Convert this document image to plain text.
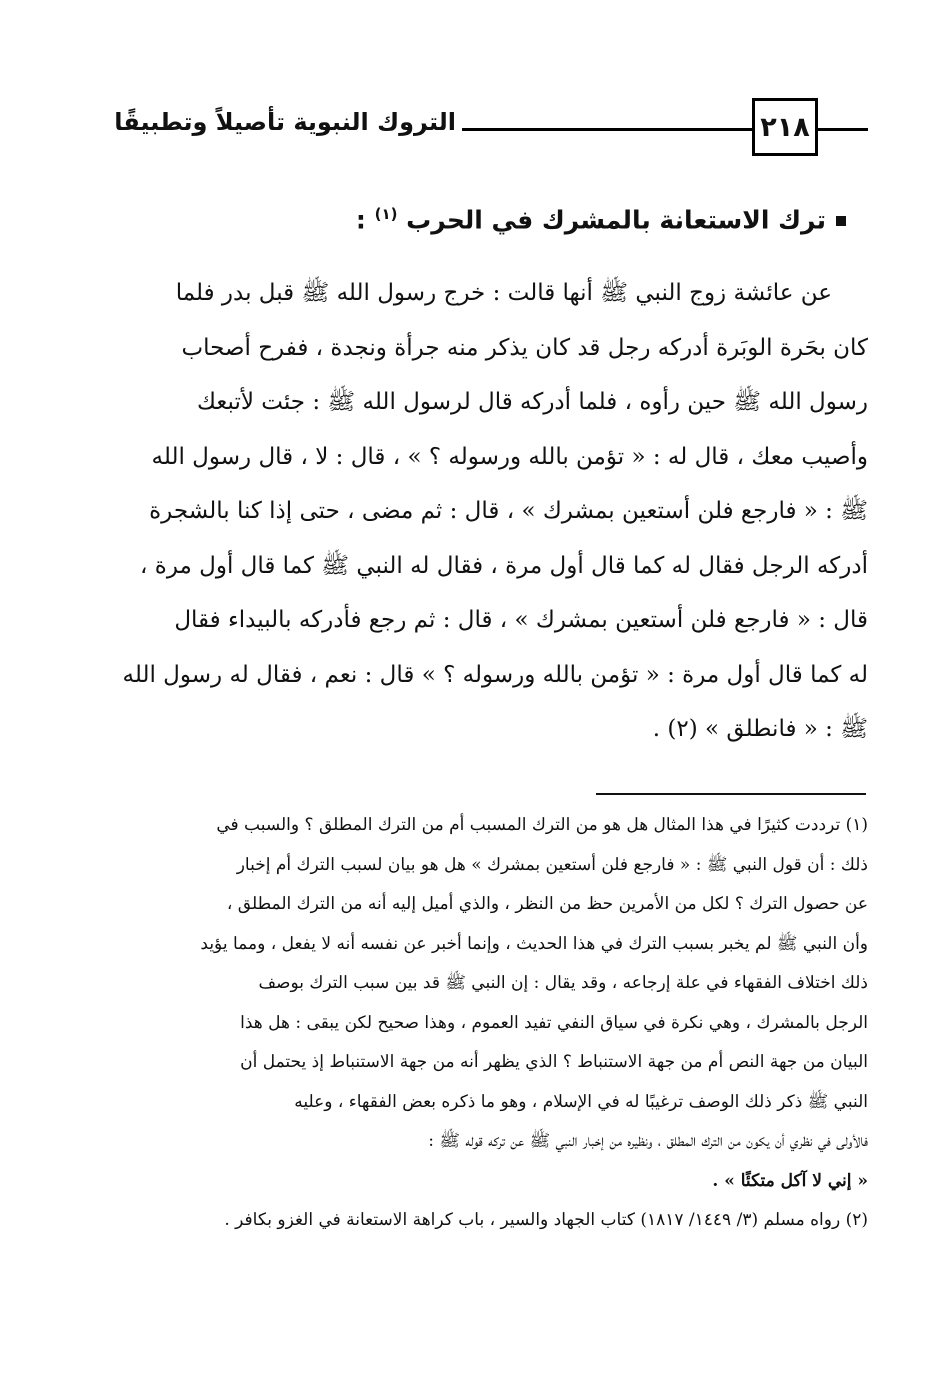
٢١٨
التروك النبوية تأصيلاً وتطبيقًا
ترك الاستعانة بالمشرك في الحرب $^{(١)}$ :
عن عائشة زوج النبي ﷺ أنها قالت : خرج رسول الله ﷺ قبل بدر فلما
كان بحَرة الوبَرة أدركه رجل قد كان يذكر منه جرأة ونجدة ، ففرح أصحاب
رسول الله ﷺ حين رأوه ، فلما أدركه قال لرسول الله ﷺ : جئت لأتبعك
وأصيب معك ، قال له : « تؤمن بالله ورسوله ؟ » ، قال : لا ، قال رسول الله
ﷺ : « فارجع فلن أستعين بمشرك » ، قال : ثم مضى ، حتى إذا كنا بالشجرة
أدركه الرجل فقال له كما قال أول مرة ، فقال له النبي ﷺ كما قال أول مرة ،
قال : « فارجع فلن أستعين بمشرك » ، قال : ثم رجع فأدركه بالبيداء فقال
له كما قال أول مرة : « تؤمن بالله ورسوله ؟ » قال : نعم ، فقال له رسول الله
ﷺ : « فانطلق » (٢) .
(١) ترددت كثيرًا في هذا المثال هل هو من الترك المسبب أم من الترك المطلق ؟ والسبب في
ذلك : أن قول النبي ﷺ : « فارجع فلن أستعين بمشرك » هل هو بيان لسبب الترك أم إخبار
عن حصول الترك ؟ لكل من الأمرين حظ من النظر ، والذي أميل إليه أنه من الترك المطلق ،
وأن النبي ﷺ لم يخبر بسبب الترك في هذا الحديث ، وإنما أخبر عن نفسه أنه لا يفعل ، ومما يؤيد
ذلك اختلاف الفقهاء في علة إرجاعه ، وقد يقال : إن النبي ﷺ قد بين سبب الترك بوصف
الرجل بالمشرك ، وهي نكرة في سياق النفي تفيد العموم ، وهذا صحيح لكن يبقى : هل هذا
البيان من جهة النص أم من جهة الاستنباط ؟ الذي يظهر أنه من جهة الاستنباط إذ يحتمل أن
النبي ﷺ ذكر ذلك الوصف ترغيبًا له في الإسلام ، وهو ما ذكره بعض الفقهاء ، وعليه
فالأولى في نظري أن يكون من الترك المطلق ، ونظيره من إخبار النبي ﷺ عن تركه قوله ﷺ :
« إني لا آكل متكئًا » .
(٢) رواه مسلم (٣/ ١٤٤٩/ ١٨١٧) كتاب الجهاد والسير ، باب كراهة الاستعانة في الغزو بكافر .
